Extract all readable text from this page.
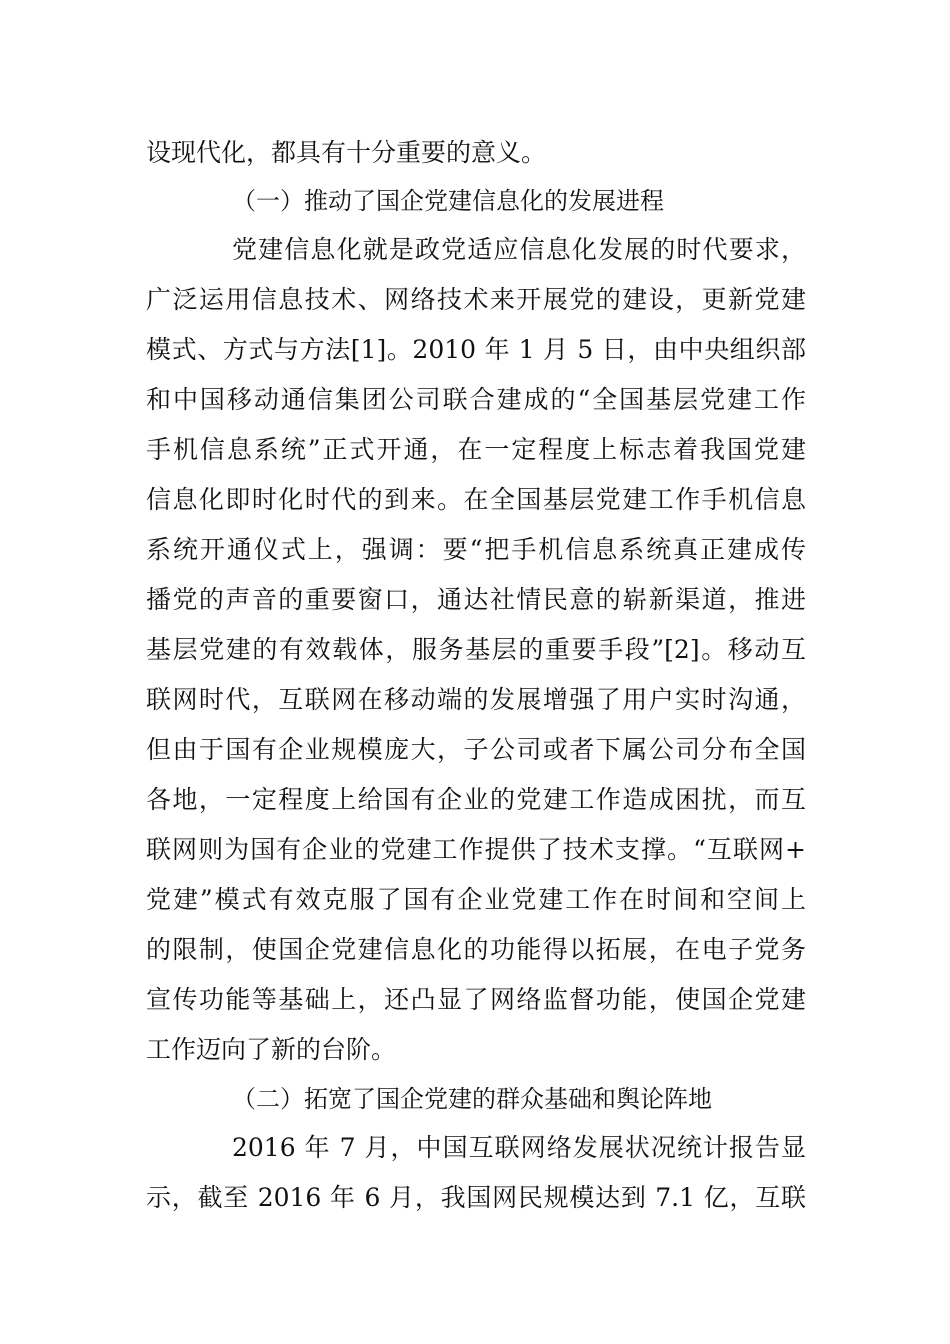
设现代化，都具有十分重要的意义。
（一）推动了国企党建信息化的发展进程
党建信息化就是政党适应信息化发展的时代要求，
广泛运用信息技术、网络技术来开展党的建设，更新党建
模式、方式与方法[1]。2010 年 1 月 5 日，由中央组织部
和中国移动通信集团公司联合建成的“全国基层党建工作
手机信息系统”正式开通，在一定程度上标志着我国党建
信息化即时化时代的到来。在全国基层党建工作手机信息
系统开通仪式上，强调：要“把手机信息系统真正建成传
播党的声音的重要窗口，通达社情民意的崭新渠道，推进
基层党建的有效载体，服务基层的重要手段”[2]。移动互
联网时代，互联网在移动端的发展增强了用户实时沟通，
但由于国有企业规模庞大，子公司或者下属公司分布全国
各地，一定程度上给国有企业的党建工作造成困扰，而互
联网则为国有企业的党建工作提供了技术支撑。“互联网+
党建”模式有效克服了国有企业党建工作在时间和空间上
的限制，使国企党建信息化的功能得以拓展，在电子党务
宣传功能等基础上，还凸显了网络监督功能，使国企党建
工作迈向了新的台阶。
（二）拓宽了国企党建的群众基础和舆论阵地
2016 年 7 月，中国互联网络发展状况统计报告显
示，截至 2016 年 6 月，我国网民规模达到 7.1 亿，互联
